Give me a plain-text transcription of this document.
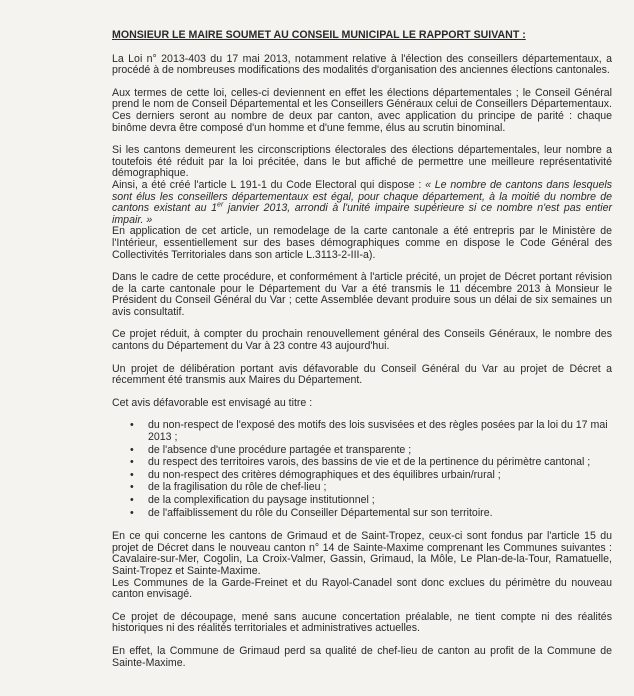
MONSIEUR LE MAIRE SOUMET AU CONSEIL MUNICIPAL LE RAPPORT SUIVANT :

La Loi n° 2013-403 du 17 mai 2013, notamment relative à l'élection des conseillers départementaux, a procédé à de nombreuses modifications des modalités d'organisation des anciennes élections cantonales.

Aux termes de cette loi, celles-ci deviennent en effet les élections départementales ; le Conseil Général prend le nom de Conseil Départemental et les Conseillers Généraux celui de Conseillers Départementaux. Ces derniers seront au nombre de deux par canton, avec application du principe de parité : chaque binôme devra être composé d'un homme et d'une femme, élus au scrutin binominal.

Si les cantons demeurent les circonscriptions électorales des élections départementales, leur nombre a toutefois été réduit par la loi précitée, dans le but affiché de permettre une meilleure représentativité démographique.

Ainsi, a été créé l'article L 191-1 du Code Electoral qui dispose : « Le nombre de cantons dans lesquels sont élus les conseillers départementaux est égal, pour chaque département, à la moitié du nombre de cantons existant au 1er janvier 2013, arrondi à l'unité impaire supérieure si ce nombre n'est pas entier impair. »

En application de cet article, un remodelage de la carte cantonale a été entrepris par le Ministère de l'Intérieur, essentiellement sur des bases démographiques comme en dispose le Code Général des Collectivités Territoriales dans son article L.3113-2-III-a).

Dans le cadre de cette procédure, et conformément à l'article précité, un projet de Décret portant révision de la carte cantonale pour le Département du Var a été transmis le 11 décembre 2013 à Monsieur le Président du Conseil Général du Var ; cette Assemblée devant produire sous un délai de six semaines un avis consultatif.

Ce projet réduit, à compter du prochain renouvellement général des Conseils Généraux, le nombre des cantons du Département du Var à 23 contre 43 aujourd'hui.

Un projet de délibération portant avis défavorable du Conseil Général du Var au projet de Décret a récemment été transmis aux Maires du Département.

Cet avis défavorable est envisagé au titre :

• du non-respect de l'exposé des motifs des lois susvisées et des règles posées par la loi du 17 mai 2013 ;
• de l'absence d'une procédure partagée et transparente ;
• du respect des territoires varois, des bassins de vie et de la pertinence du périmètre cantonal ;
• du non-respect des critères démographiques et des équilibres urbain/rural ;
• de la fragilisation du rôle de chef-lieu ;
• de la complexification du paysage institutionnel ;
• de l'affaiblissement du rôle du Conseiller Départemental sur son territoire.

En ce qui concerne les cantons de Grimaud et de Saint-Tropez, ceux-ci sont fondus par l'article 15 du projet de Décret dans le nouveau canton n° 14 de Sainte-Maxime comprenant les Communes suivantes : Cavalaire-sur-Mer, Cogolin, La Croix-Valmer, Gassin, Grimaud, la Môle, Le Plan-de-la-Tour, Ramatuelle, Saint-Tropez et Sainte-Maxime.

Les Communes de la Garde-Freinet et du Rayol-Canadel sont donc exclues du périmètre du nouveau canton envisagé.

Ce projet de découpage, mené sans aucune concertation préalable, ne tient compte ni des réalités historiques ni des réalités territoriales et administratives actuelles.

En effet, la Commune de Grimaud perd sa qualité de chef-lieu de canton au profit de la Commune de Sainte-Maxime.
